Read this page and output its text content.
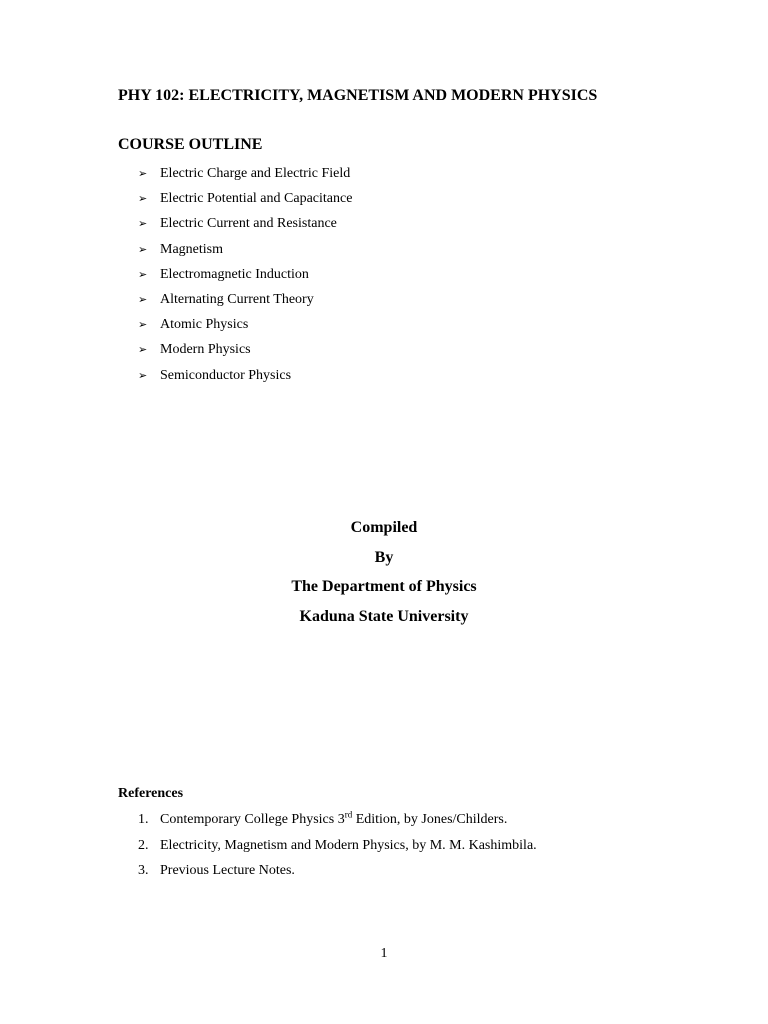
PHY 102: ELECTRICITY, MAGNETISM AND MODERN PHYSICS
COURSE OUTLINE
➢ Electric Charge and Electric Field
➢ Electric Potential and Capacitance
➢ Electric Current and Resistance
➢ Magnetism
➢ Electromagnetic Induction
➢ Alternating Current Theory
➢ Atomic Physics
➢ Modern Physics
➢ Semiconductor Physics
Compiled
By
The Department of Physics
Kaduna State University
References
1. Contemporary College Physics 3rd Edition, by Jones/Childers.
2. Electricity, Magnetism and Modern Physics, by M. M. Kashimbila.
3. Previous Lecture Notes.
1
